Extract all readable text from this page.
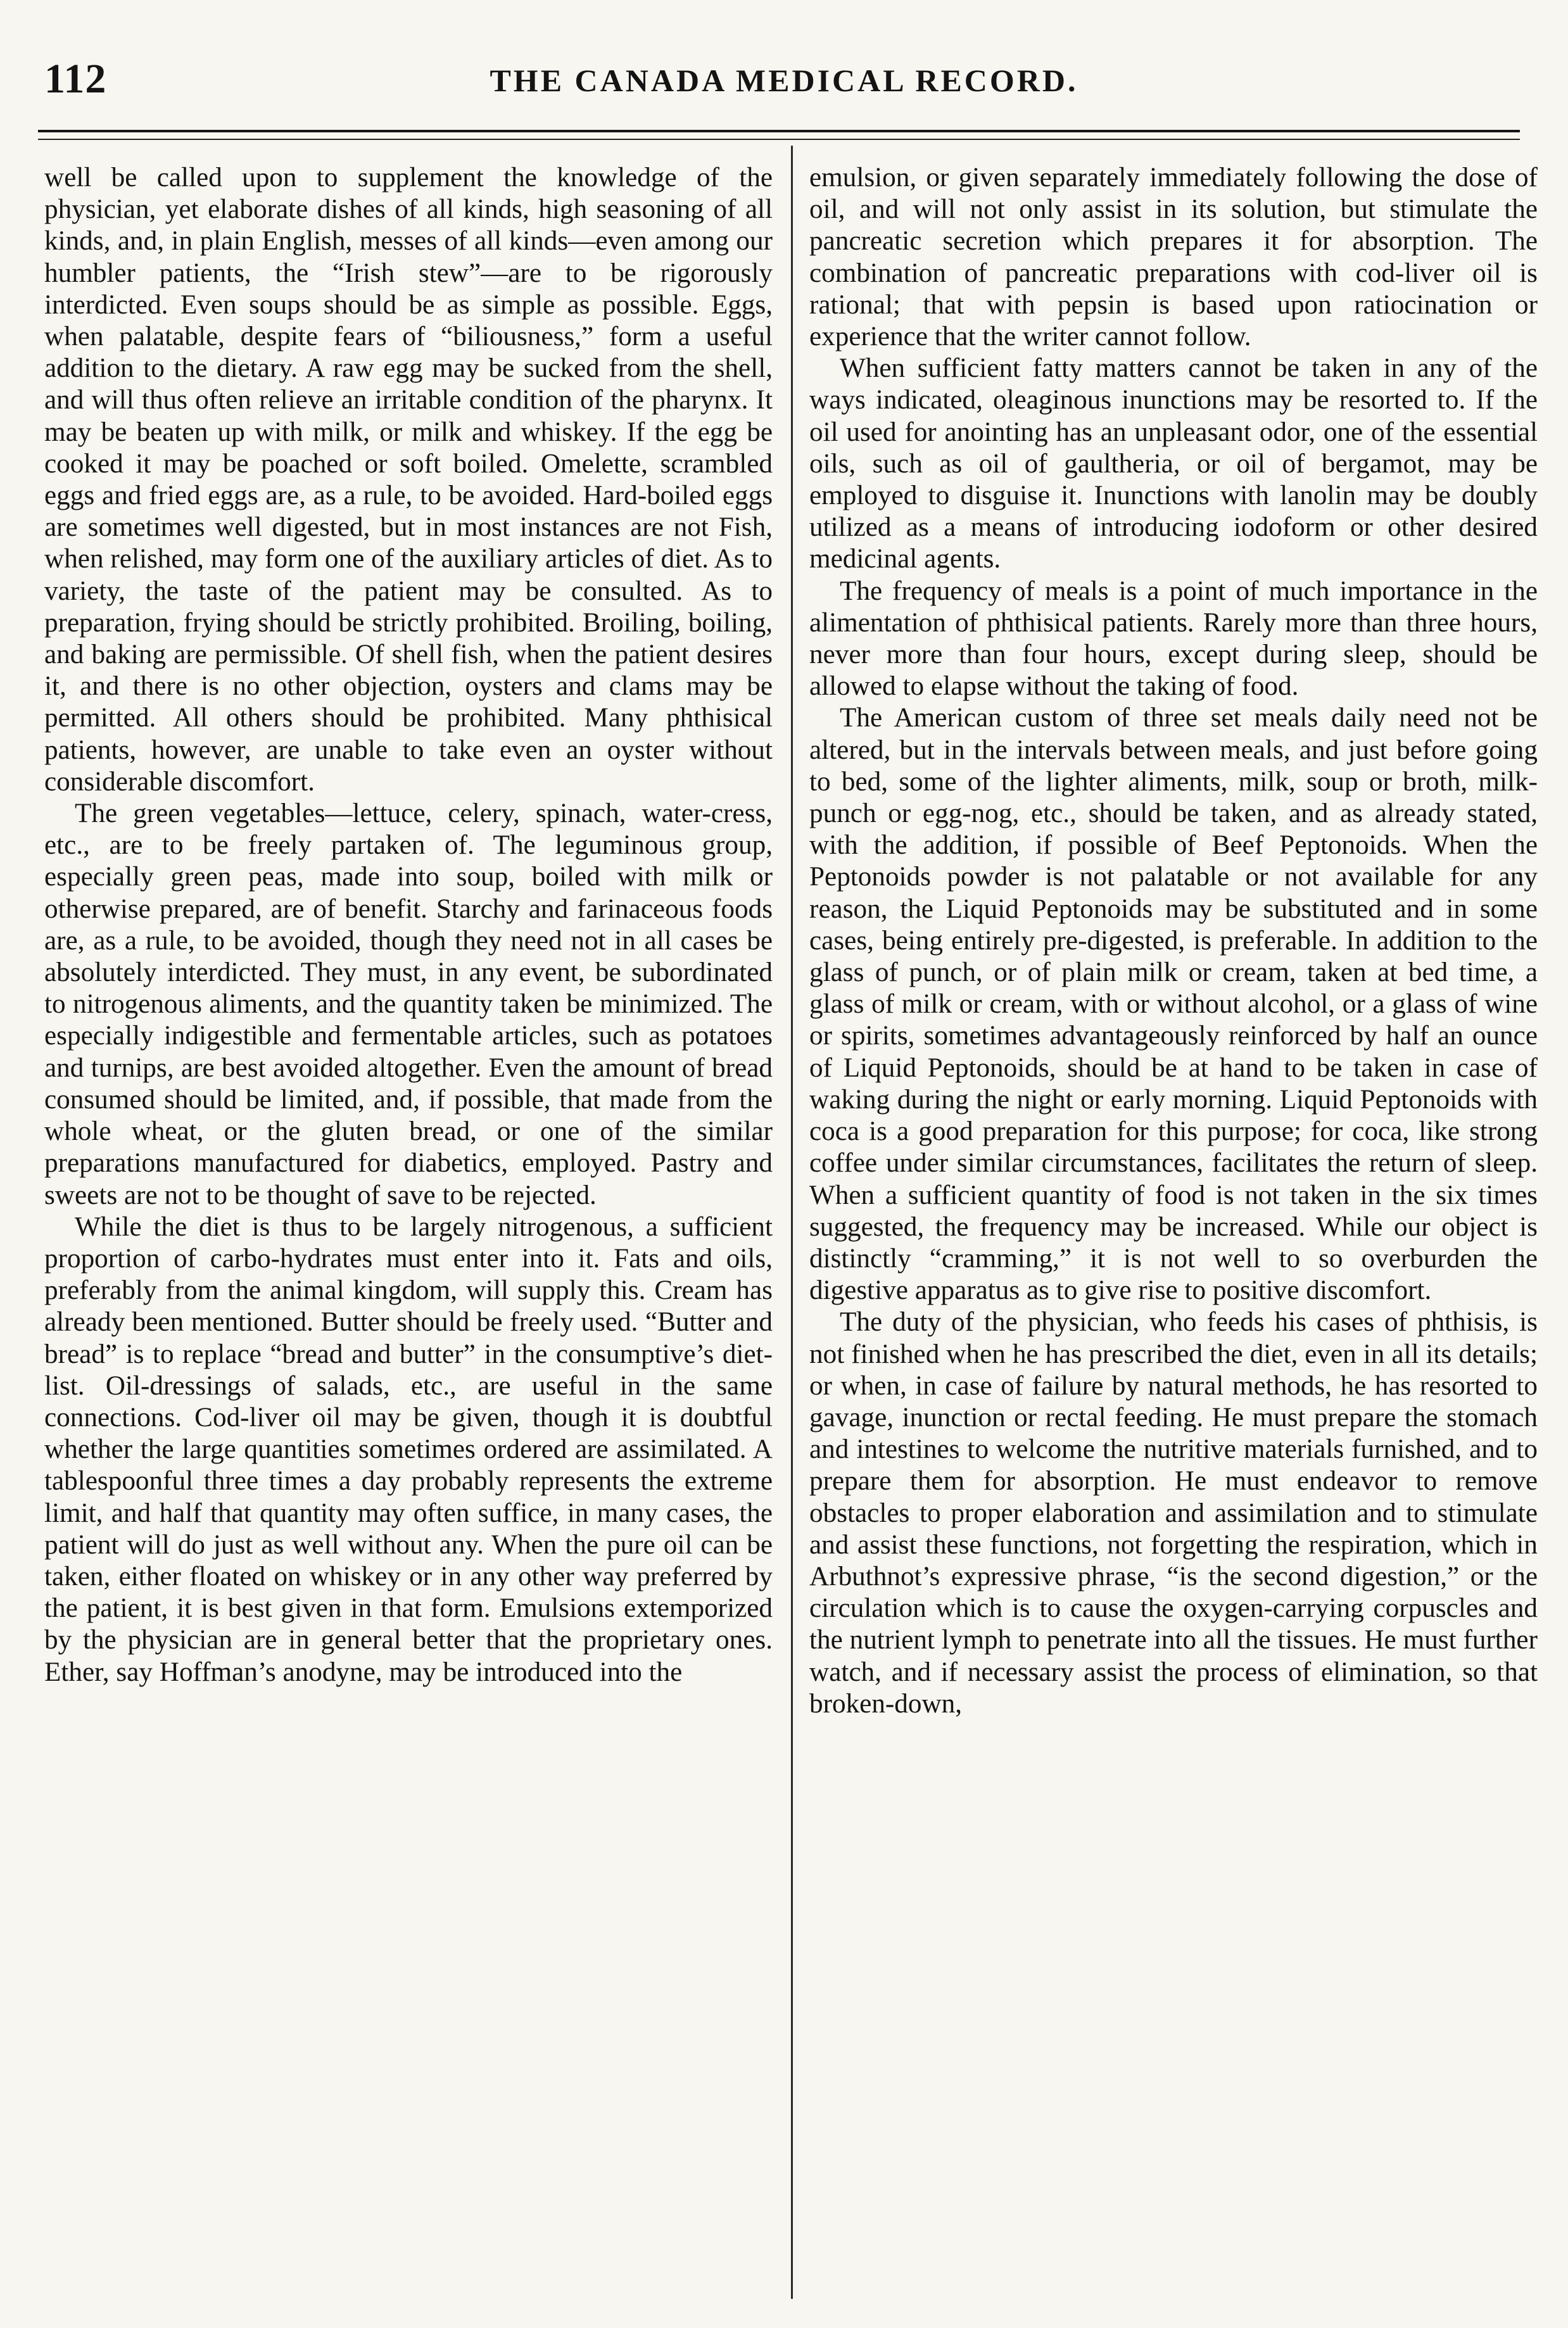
112	THE CANADA MEDICAL RECORD.

well be called upon to supplement the knowledge of the physician, yet elaborate dishes of all kinds, high seasoning of all kinds, and, in plain English, messes of all kinds—even among our humbler patients, the “Irish stew”—are to be rigorously interdicted. Even soups should be as simple as possible. Eggs, when palatable, despite fears of “biliousness,” form a useful addition to the dietary. A raw egg may be sucked from the shell, and will thus often relieve an irritable condition of the pharynx. It may be beaten up with milk, or milk and whiskey. If the egg be cooked it may be poached or soft boiled. Omelette, scrambled eggs and fried eggs are, as a rule, to be avoided. Hard-boiled eggs are sometimes well digested, but in most instances are not Fish, when relished, may form one of the auxiliary articles of diet. As to variety, the taste of the patient may be consulted. As to preparation, frying should be strictly prohibited. Broiling, boiling, and baking are permissible. Of shell fish, when the patient desires it, and there is no other objection, oysters and clams may be permitted. All others should be prohibited. Many phthisical patients, however, are unable to take even an oyster without considerable discomfort.

The green vegetables—lettuce, celery, spinach, water-cress, etc., are to be freely partaken of. The leguminous group, especially green peas, made into soup, boiled with milk or otherwise prepared, are of benefit. Starchy and farinaceous foods are, as a rule, to be avoided, though they need not in all cases be absolutely interdicted. They must, in any event, be subordinated to nitrogenous aliments, and the quantity taken be minimized. The especially indigestible and fermentable articles, such as potatoes and turnips, are best avoided altogether. Even the amount of bread consumed should be limited, and, if possible, that made from the whole wheat, or the gluten bread, or one of the similar preparations manufactured for diabetics, employed. Pastry and sweets are not to be thought of save to be rejected.

While the diet is thus to be largely nitrogenous, a sufficient proportion of carbo-hydrates must enter into it. Fats and oils, preferably from the animal kingdom, will supply this. Cream has already been mentioned. Butter should be freely used. “Butter and bread” is to replace “bread and butter” in the consumptive’s diet-list. Oil-dressings of salads, etc., are useful in the same connections. Cod-liver oil may be given, though it is doubtful whether the large quantities sometimes ordered are assimilated. A tablespoonful three times a day probably represents the extreme limit, and half that quantity may often suffice, in many cases, the patient will do just as well without any. When the pure oil can be taken, either floated on whiskey or in any other way preferred by the patient, it is best given in that form. Emulsions extemporized by the physician are in general better that the proprietary ones. Ether, say Hoffman’s anodyne, may be introduced into the

emulsion, or given separately immediately following the dose of oil, and will not only assist in its solution, but stimulate the pancreatic secretion which prepares it for absorption. The combination of pancreatic preparations with cod-liver oil is rational; that with pepsin is based upon ratiocination or experience that the writer cannot follow.

When sufficient fatty matters cannot be taken in any of the ways indicated, oleaginous inunctions may be resorted to. If the oil used for anointing has an unpleasant odor, one of the essential oils, such as oil of gaultheria, or oil of bergamot, may be employed to disguise it. Inunctions with lanolin may be doubly utilized as a means of introducing iodoform or other desired medicinal agents.

The frequency of meals is a point of much importance in the alimentation of phthisical patients. Rarely more than three hours, never more than four hours, except during sleep, should be allowed to elapse without the taking of food.

The American custom of three set meals daily need not be altered, but in the intervals between meals, and just before going to bed, some of the lighter aliments, milk, soup or broth, milk-punch or egg-nog, etc., should be taken, and as already stated, with the addition, if possible of Beef Peptonoids. When the Peptonoids powder is not palatable or not available for any reason, the Liquid Peptonoids may be substituted and in some cases, being entirely pre-digested, is preferable. In addition to the glass of punch, or of plain milk or cream, taken at bed time, a glass of milk or cream, with or without alcohol, or a glass of wine or spirits, sometimes advantageously reinforced by half an ounce of Liquid Peptonoids, should be at hand to be taken in case of waking during the night or early morning. Liquid Peptonoids with coca is a good preparation for this purpose; for coca, like strong coffee under similar circumstances, facilitates the return of sleep. When a sufficient quantity of food is not taken in the six times suggested, the frequency may be increased. While our object is distinctly “cramming,” it is not well to so overburden the digestive apparatus as to give rise to positive discomfort.

The duty of the physician, who feeds his cases of phthisis, is not finished when he has prescribed the diet, even in all its details; or when, in case of failure by natural methods, he has resorted to gavage, inunction or rectal feeding. He must prepare the stomach and intestines to welcome the nutritive materials furnished, and to prepare them for absorption. He must endeavor to remove obstacles to proper elaboration and assimilation and to stimulate and assist these functions, not forgetting the respiration, which in Arbuthnot’s expressive phrase, “is the second digestion,” or the circulation which is to cause the oxygen-carrying corpuscles and the nutrient lymph to penetrate into all the tissues. He must further watch, and if necessary assist the process of elimination, so that broken-down,
